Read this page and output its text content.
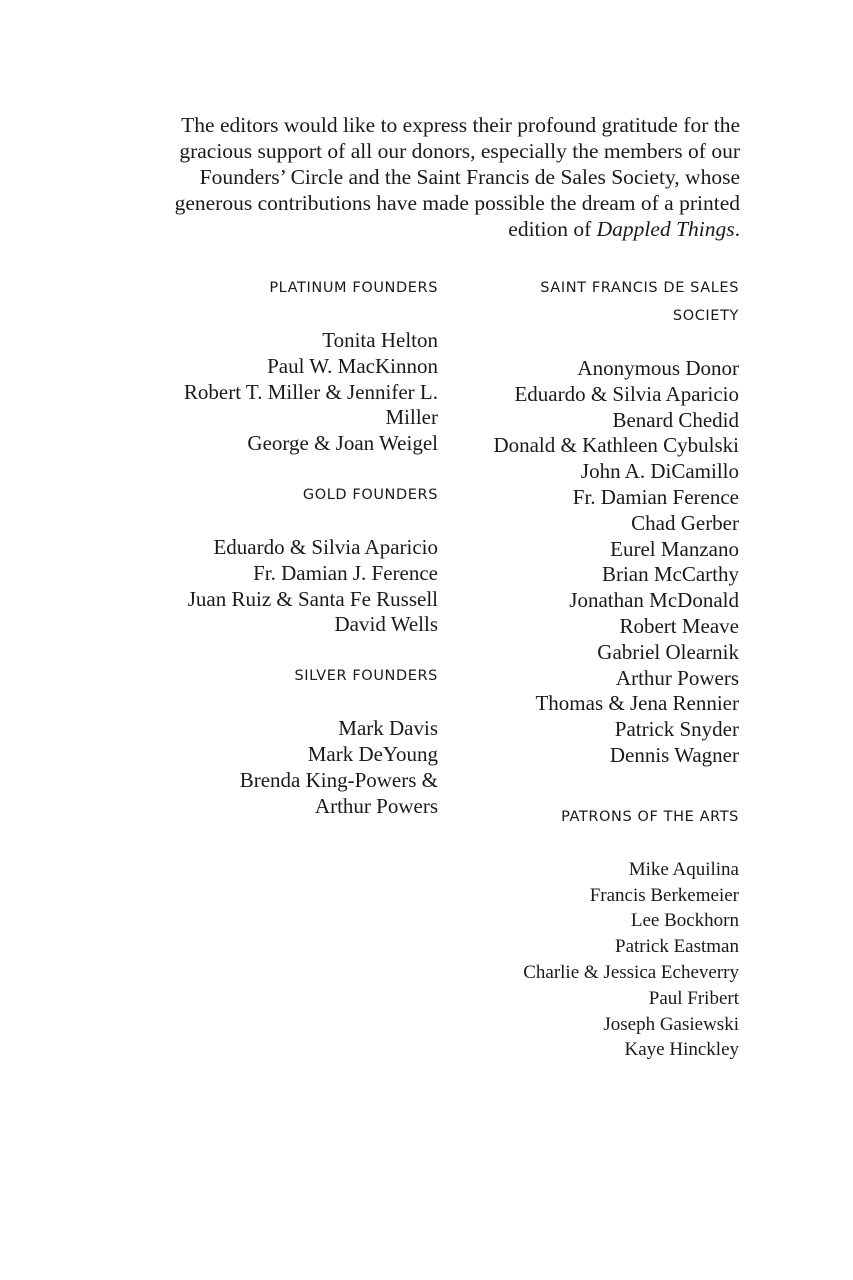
The editors would like to express their profound gratitude for the gracious support of all our donors, especially the members of our Founders’ Circle and the Saint Francis de Sales Society, whose generous contributions have made possible the dream of a printed edition of Dappled Things.
PLATINUM FOUNDERS
Tonita Helton
Paul W. MacKinnon
Robert T. Miller & Jennifer L.
Miller
George & Joan Weigel
GOLD FOUNDERS
Eduardo & Silvia Aparicio
Fr. Damian J. Ference
Juan Ruiz & Santa Fe Russell
David Wells
SILVER FOUNDERS
Mark Davis
Mark DeYoung
Brenda King-Powers &
Arthur Powers
SAINT FRANCIS DE SALES
SOCIETY
Anonymous Donor
Eduardo & Silvia Aparicio
Benard Chedid
Donald & Kathleen Cybulski
John A. DiCamillo
Fr. Damian Ference
Chad Gerber
Eurel Manzano
Brian McCarthy
Jonathan McDonald
Robert Meave
Gabriel Olearnik
Arthur Powers
Thomas & Jena Rennier
Patrick Snyder
Dennis Wagner
PATRONS OF THE ARTS
Mike Aquilina
Francis Berkemeier
Lee Bockhorn
Patrick Eastman
Charlie & Jessica Echeverry
Paul Fribert
Joseph Gasiewski
Kaye Hinckley
